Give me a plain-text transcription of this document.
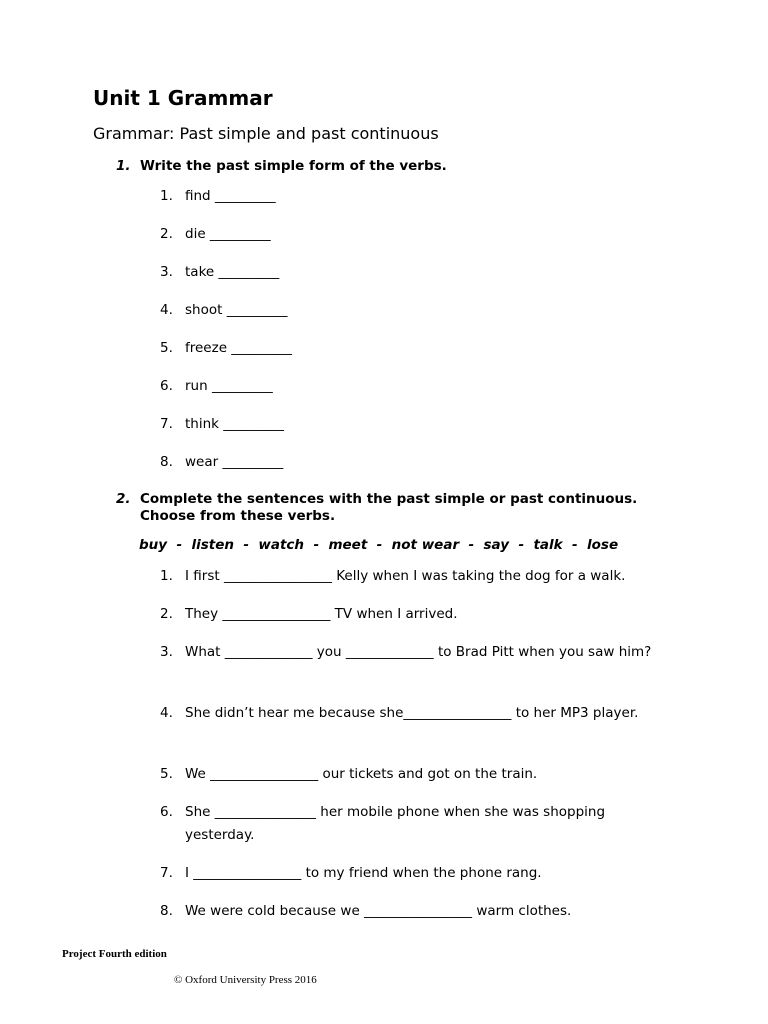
Unit 1 Grammar
Grammar: Past simple and past continuous
1. Write the past simple form of the verbs.
1. find _________
2. die _________
3. take _________
4. shoot _________
5. freeze _________
6. run _________
7. think _________
8. wear _________
2. Complete the sentences with the past simple or past continuous.
Choose from these verbs.
buy  -  listen  -  watch  -  meet  -  not wear  -  say  -  talk  -  lose
1. I first ________________ Kelly when I was taking the dog for a walk.
2. They ________________ TV when I arrived.
3. What _____________ you _____________ to Brad Pitt when you saw him?
4. She didn’t hear me because she________________ to her MP3 player.
5. We ________________ our tickets and got on the train.
6. She _______________ her mobile phone when she was shopping yesterday.
7. I ________________ to my friend when the phone rang.
8. We were cold because we ________________ warm clothes.
Project Fourth edition
© Oxford University Press 2016
